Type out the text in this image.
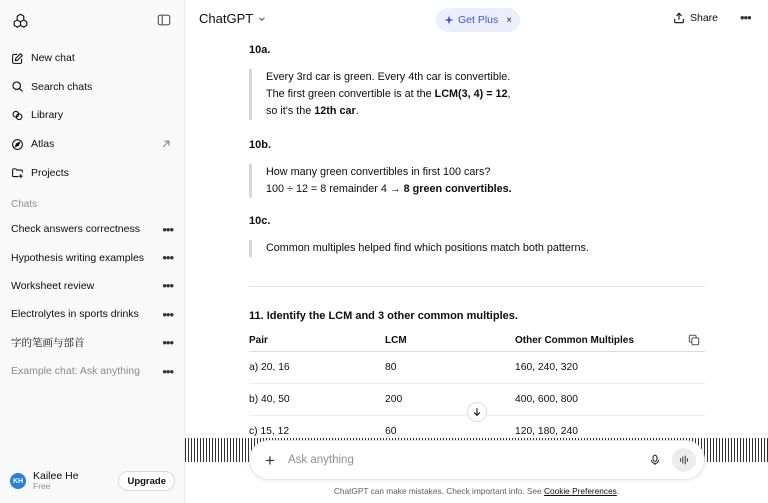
New chat
Search chats
Library
Atlas
Projects
Chats
Check answers correctness •••
Hypothesis writing examples •••
Worksheet review	•••
Electrolytes in sports drinks •••
字的笔画与部首	•••
Example chat: Ask anything •••
KH Kailee He
Free	Upgrade
ChatGPT	Get Plus ×	Share •••
10a.
Every 3rd car is green. Every 4th car is convertible.
The first green convertible is at the LCM(3, 4) = 12,
so it's the 12th car.
10b.
How many green convertibles in first 100 cars?
100 ÷ 12 = 8 remainder 4 → 8 green convertibles.
10c.
Common multiples helped find which positions match both patterns.
11. Identify the LCM and 3 other common multiples.
Pair	LCM	Other Common Multiples
a) 20, 16	80	160, 240, 320
b) 40, 50	200	400, 600, 800
c) 15, 12	60	120, 180, 240
+ Ask anything
ChatGPT can make mistakes. Check important info. See Cookie Preferences.
